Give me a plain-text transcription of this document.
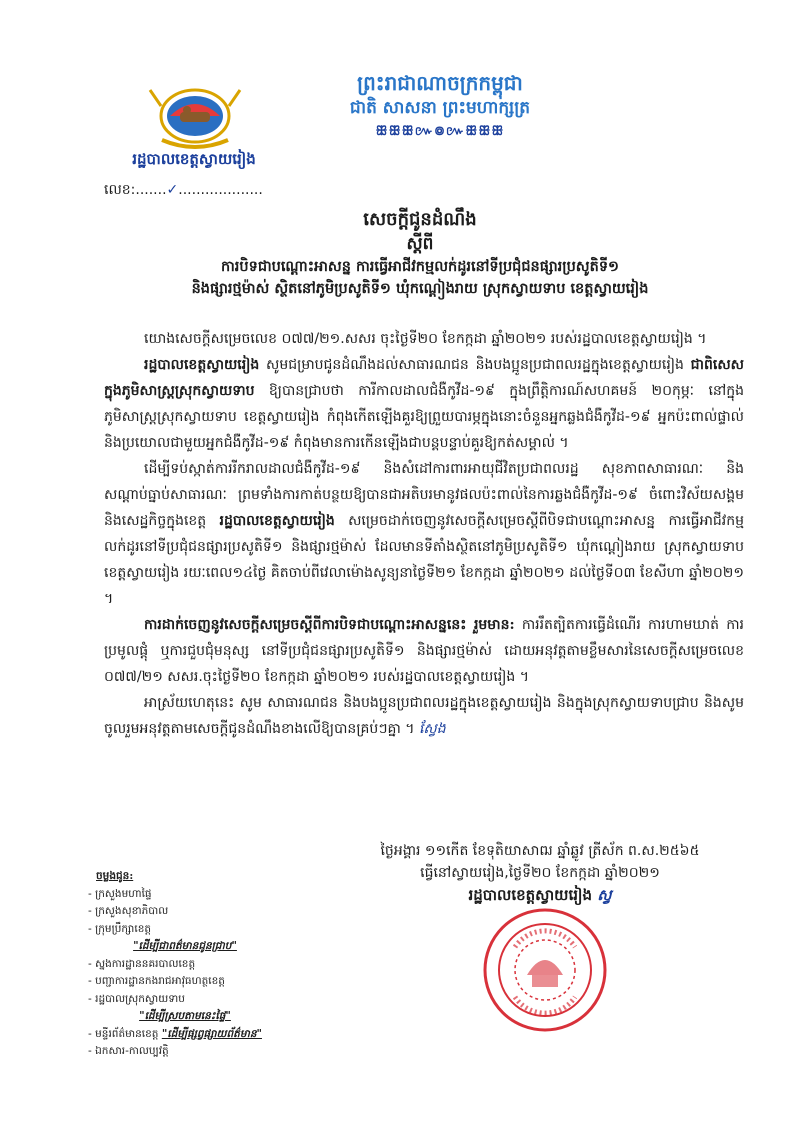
រដ្ឋបាលខេត្តស្វាយរៀង
ព្រះរាជាណាចក្រកម្ពុជា
ជាតិ សាសនា ព្រះមហាក្សត្រ
ꕥꕥꕥ៚៙៚ꕥꕥꕥ
លេខ:.......✓...................
សេចក្តីជូនដំណឹង
ស្តីពី
ការបិទជាបណ្តោះអាសន្ន ការធ្វើអាជីវកម្មលក់ដូរនៅទីប្រជុំជនផ្សារប្រសូតិទី១
និងផ្សារថ្មម៉ាស់ ស្ថិតនៅភូមិប្រសូតិទី១ ឃុំកណ្តៀងរាយ ស្រុកស្វាយទាប ខេត្តស្វាយរៀង

យោងសេចក្តីសម្រេចលេខ ០៧៧/២១.សសរ ចុះថ្ងៃទី២០ ខែកក្កដា ឆ្នាំ២០២១ របស់រដ្ឋបាលខេត្តស្វាយរៀង ។

រដ្ឋបាលខេត្តស្វាយរៀង សូមជម្រាបជូនដំណឹងដល់សាធារណជន និងបងប្អូនប្រជាពលរដ្ឋក្នុងខេត្តស្វាយរៀង ជាពិសេសក្នុងភូមិសាស្ត្រស្រុកស្វាយទាប ឱ្យបានជ្រាបថា ការីកាលដាលជំងឺកូវីដ-១៩ ក្នុងព្រឹត្តិការណ៍សហគមន៍ ២០កុម្ភៈ នៅក្នុងភូមិសាស្ត្រស្រុកស្វាយទាប ខេត្តស្វាយរៀង កំពុងកើតឡើងគួរឱ្យព្រួយបារម្ភក្នុងនោះចំនួនអ្នកឆ្លងជំងឺកូវីដ-១៩ អ្នកប៉ះពាល់ផ្ទាល់ និងប្រយោលជាមួយអ្នកជំងឺកូវីដ-១៩ កំពុងមានការកើនឡើងជាបន្តបន្ទាប់គួរឱ្យកត់សម្គាល់ ។

ដើម្បីទប់ស្កាត់ការរីករាលដាលជំងឺកូវីដ-១៩ និងសំដៅការពារអាយុជីវិតប្រជាពលរដ្ឋ សុខភាពសាធារណៈ និងសណ្តាប់ធ្នាប់សាធារណៈ ព្រមទាំងការកាត់បន្ថយឱ្យបានជាអតិបរមានូវផលប៉ះពាល់នៃការឆ្លងជំងឺកូវីដ-១៩ ចំពោះវិស័យសង្គម និងសេដ្ឋកិច្ចក្នុងខេត្ត រដ្ឋបាលខេត្តស្វាយរៀង សម្រេចដាក់ចេញនូវសេចក្តីសម្រេចស្តីពីបិទជាបណ្តោះអាសន្ន ការធ្វើអាជីវកម្មលក់ដូរនៅទីប្រជុំជនផ្សារប្រសូតិទី១ និងផ្សារថ្មម៉ាស់ ដែលមានទីតាំងស្ថិតនៅភូមិប្រសូតិទី១ ឃុំកណ្តៀងរាយ ស្រុកស្វាយទាប ខេត្តស្វាយរៀង រយៈពេល១៤ថ្ងៃ គិតចាប់ពីវេលាម៉ោងសូន្យនាថ្ងៃទី២១ ខែកក្កដា ឆ្នាំ២០២១ ដល់ថ្ងៃទី០៣ ខែសីហា ឆ្នាំ២០២១ ។

ការដាក់ចេញនូវសេចក្តីសម្រេចស្តីពីការបិទជាបណ្តោះអាសន្ននេះ រួមមាន: ការរឹតត្បិតការធ្វើដំណើរ ការហាមឃាត់ ការប្រមូលផ្តុំ ឬការជួបជុំមនុស្ស នៅទីប្រជុំជនផ្សារប្រសូតិទី១ និងផ្សារថ្មម៉ាស់ ដោយអនុវត្តតាមខ្លឹមសារនៃសេចក្តីសម្រេចលេខ ០៧៧/២១ សសរ.ចុះថ្ងៃទី២០ ខែកក្កដា ឆ្នាំ២០២១ របស់រដ្ឋបាលខេត្តស្វាយរៀង ។

អាស្រ័យហេតុនេះ សូម សាធារណជន និងបងប្អូនប្រជាពលរដ្ឋក្នុងខេត្តស្វាយរៀង និងក្នុងស្រុកស្វាយទាបជ្រាប និងសូមចូលរួមអនុវត្តតាមសេចក្តីជូនដំណឹងខាងលើឱ្យបានគ្រប់ៗគ្នា ។ ស្វែង

ថ្ងៃអង្គារ ១១កើត ខែទុតិយាសាឍ ឆ្នាំឆ្លូវ ត្រីស័ក ព.ស.២៥៦៥
ធ្វើនៅស្វាយរៀង,ថ្ងៃទី២០ ខែកក្កដា ឆ្នាំ២០២១
រដ្ឋបាលខេត្តស្វាយរៀង ស្វ
ចម្លងជូន:
- ក្រសួងមហាផ្ទៃ
- ក្រសួងសុខាភិបាល
- ក្រុមប្រឹក្សាខេត្ត
"ដើម្បីជាពត៌មានជូនជ្រាប"
- ស្នងការដ្ឋាននគរបាលខេត្ត
- បញ្ជាការដ្ឋានកងរាជអាវុធហត្ថខេត្ត
- រដ្ឋបាលស្រុកស្វាយទាប
"ដើម្បីស្របតាមនេះផ្ទៃ"
- មន្ទីរព័ត៌មានខេត្ត "ដើម្បីផ្សព្វផ្សាយព័ត៌មាន"
- ឯកសារ-កាលប្បវត្តិ
